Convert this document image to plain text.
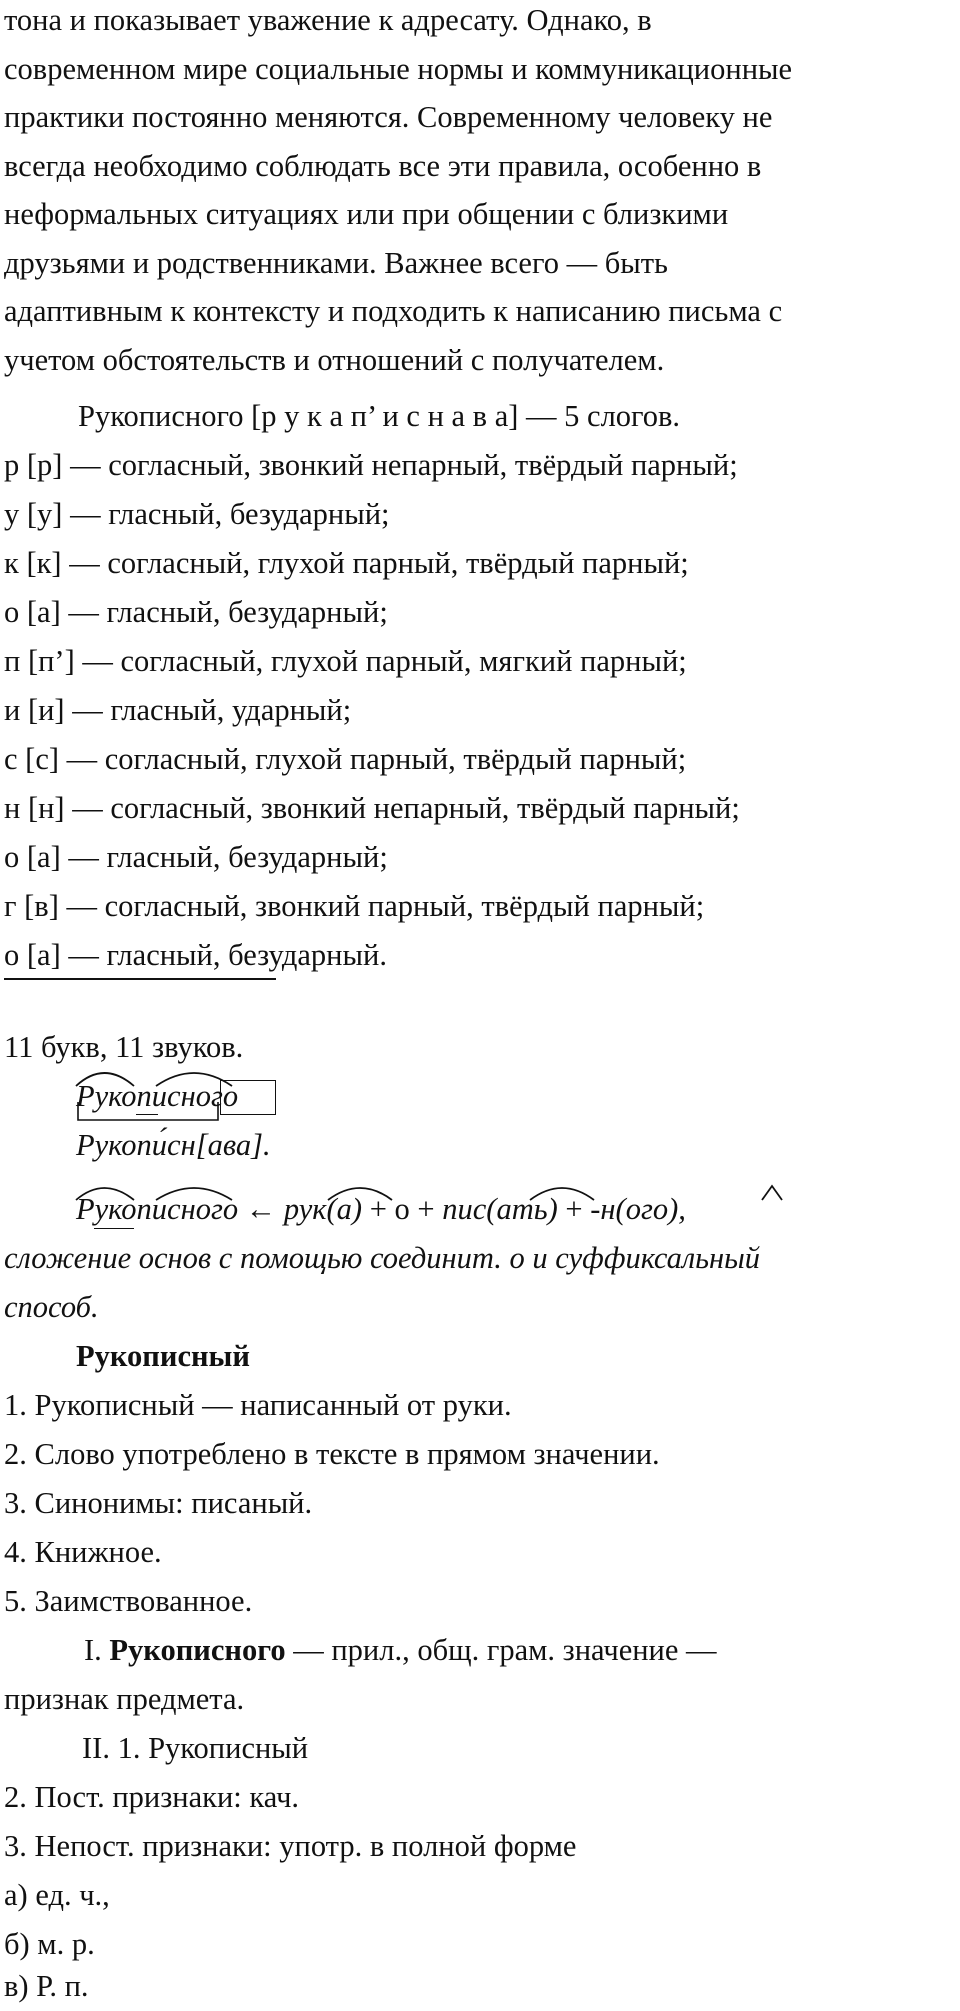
тона и показывает уважение к адресату. Однако, в
современном мире социальные нормы и коммуникационные
практики постоянно меняются. Современному человеку не
всегда необходимо соблюдать все эти правила, особенно в
неформальных ситуациях или при общении с близкими
друзьями и родственниками. Важнее всего — быть
адаптивным к контексту и подходить к написанию письма с
учетом обстоятельств и отношений с получателем.
Рукописного [р у к а п’ и с н а в а] — 5 слогов.
р [р] — согласный, звонкий непарный, твёрдый парный;
у [у] — гласный, безударный;
к [к] — согласный, глухой парный, твёрдый парный;
о [а] — гласный, безударный;
п [п’] — согласный, глухой парный, мягкий парный;
и [и] — гласный, ударный;
с [с] — согласный, глухой парный, твёрдый парный;
н [н] — согласный, звонкий непарный, твёрдый парный;
о [а] — гласный, безударный;
г [в] — согласный, звонкий парный, твёрдый парный;
о [а] — гласный, безударный.
11 букв, 11 звуков.
Рукописного
Рукопи́сн[ава].
Рукописного ← рук(а) + о + пис(ать) + -н(ого),
сложение основ с помощью соединит. о и суффиксальный
способ.
Рукописный
1. Рукописный — написанный от руки.
2. Слово употреблено в тексте в прямом значении.
3. Синонимы: писаный.
4. Книжное.
5. Заимствованное.
I. Рукописного — прил., общ. грам. значение —
признак предмета.
II. 1. Рукописный
2. Пост. признаки: кач.
3. Непост. признаки: употр. в полной форме
а) ед. ч.,
б) м. р.
в) Р. п.
